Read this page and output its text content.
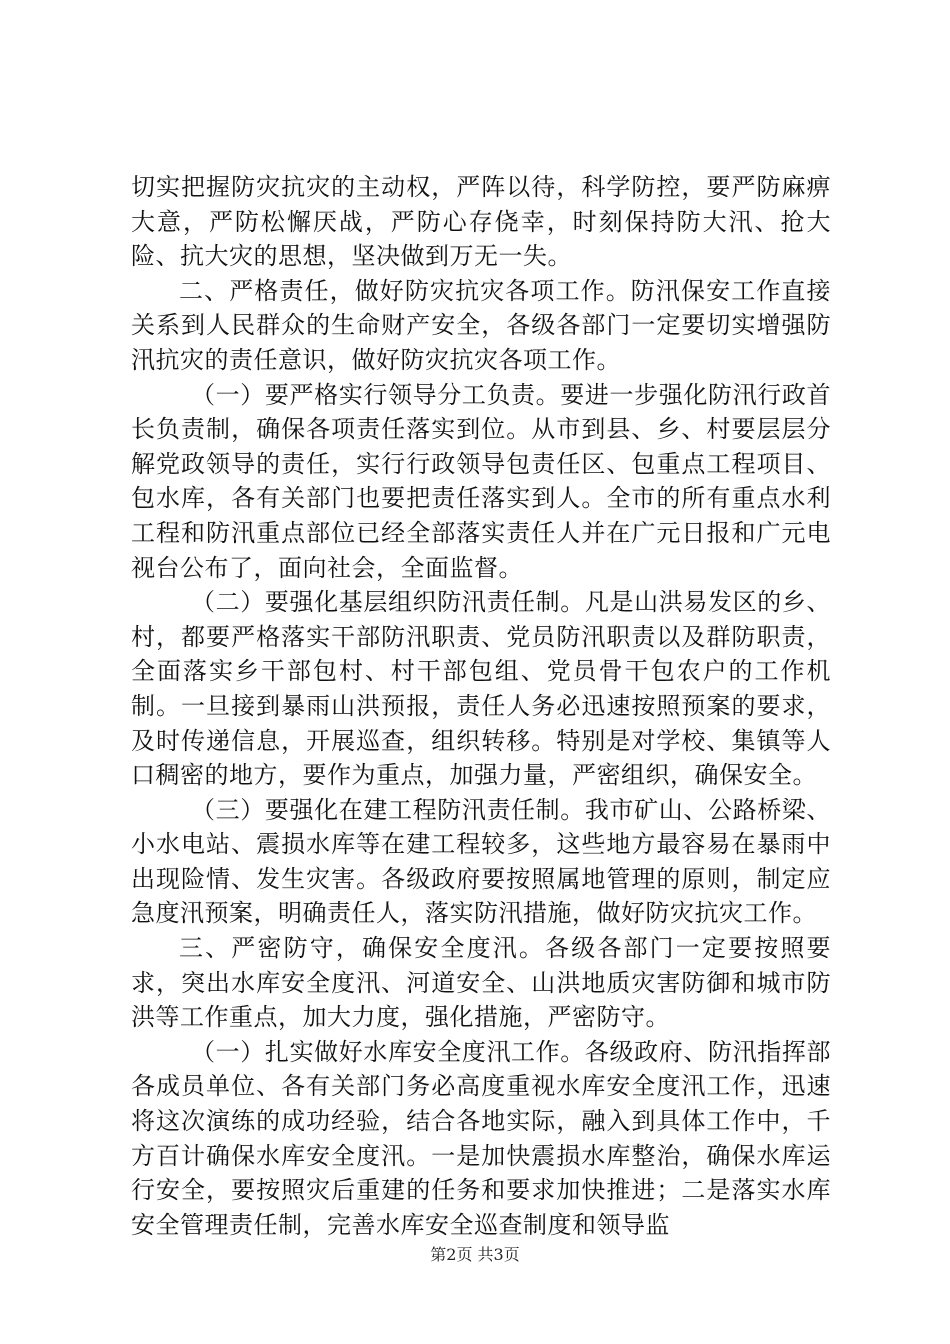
切实把握防灾抗灾的主动权，严阵以待，科学防控，要严防麻痹大意，严防松懈厌战，严防心存侥幸，时刻保持防大汛、抢大险、抗大灾的思想，坚决做到万无一失。

二、严格责任，做好防灾抗灾各项工作。防汛保安工作直接关系到人民群众的生命财产安全，各级各部门一定要切实增强防汛抗灾的责任意识，做好防灾抗灾各项工作。

（一）要严格实行领导分工负责。要进一步强化防汛行政首长负责制，确保各项责任落实到位。从市到县、乡、村要层层分解党政领导的责任，实行行政领导包责任区、包重点工程项目、包水库，各有关部门也要把责任落实到人。全市的所有重点水利工程和防汛重点部位已经全部落实责任人并在广元日报和广元电视台公布了，面向社会，全面监督。

（二）要强化基层组织防汛责任制。凡是山洪易发区的乡、村，都要严格落实干部防汛职责、党员防汛职责以及群防职责，全面落实乡干部包村、村干部包组、党员骨干包农户的工作机制。一旦接到暴雨山洪预报，责任人务必迅速按照预案的要求，及时传递信息，开展巡查，组织转移。特别是对学校、集镇等人口稠密的地方，要作为重点，加强力量，严密组织，确保安全。

（三）要强化在建工程防汛责任制。我市矿山、公路桥梁、小水电站、震损水库等在建工程较多，这些地方最容易在暴雨中出现险情、发生灾害。各级政府要按照属地管理的原则，制定应急度汛预案，明确责任人，落实防汛措施，做好防灾抗灾工作。

三、严密防守，确保安全度汛。各级各部门一定要按照要求，突出水库安全度汛、河道安全、山洪地质灾害防御和城市防洪等工作重点，加大力度，强化措施，严密防守。

（一）扎实做好水库安全度汛工作。各级政府、防汛指挥部各成员单位、各有关部门务必高度重视水库安全度汛工作，迅速将这次演练的成功经验，结合各地实际，融入到具体工作中，千方百计确保水库安全度汛。一是加快震损水库整治，确保水库运行安全，要按照灾后重建的任务和要求加快推进；二是落实水库安全管理责任制，完善水库安全巡查制度和领导监

第2页 共3页
